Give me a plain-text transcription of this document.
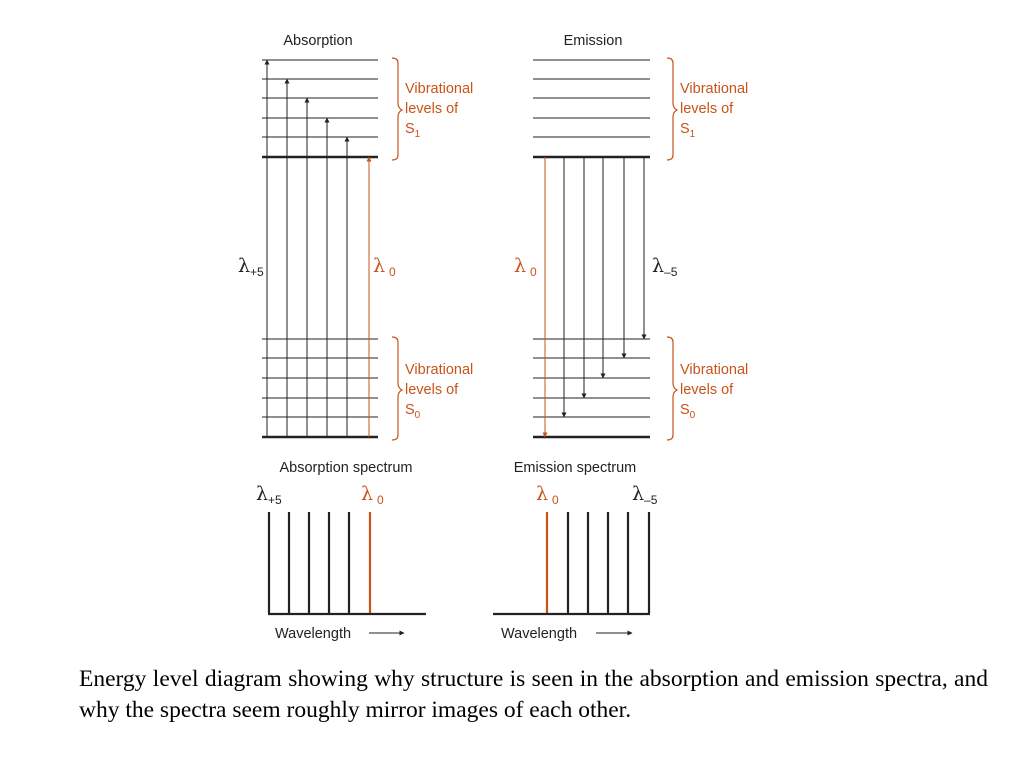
Absorption
$\lambda_{+5}$	λ $_0$
Vibrational levels of $S_1$
Vibrational levels of $S_0$
Emission
λ $_0$	$\lambda_{-5}$
Vibrational levels of $S_1$
Vibrational levels of $S_0$
Absorption spectrum
$\lambda_{+5}$	λ $_0$
Wavelength
Emission spectrum
λ $_0$	$\lambda_{-5}$
Wavelength

Energy level diagram showing why structure is seen in the absorption and emission spectra, and why the spectra seem roughly mirror images of each other.
